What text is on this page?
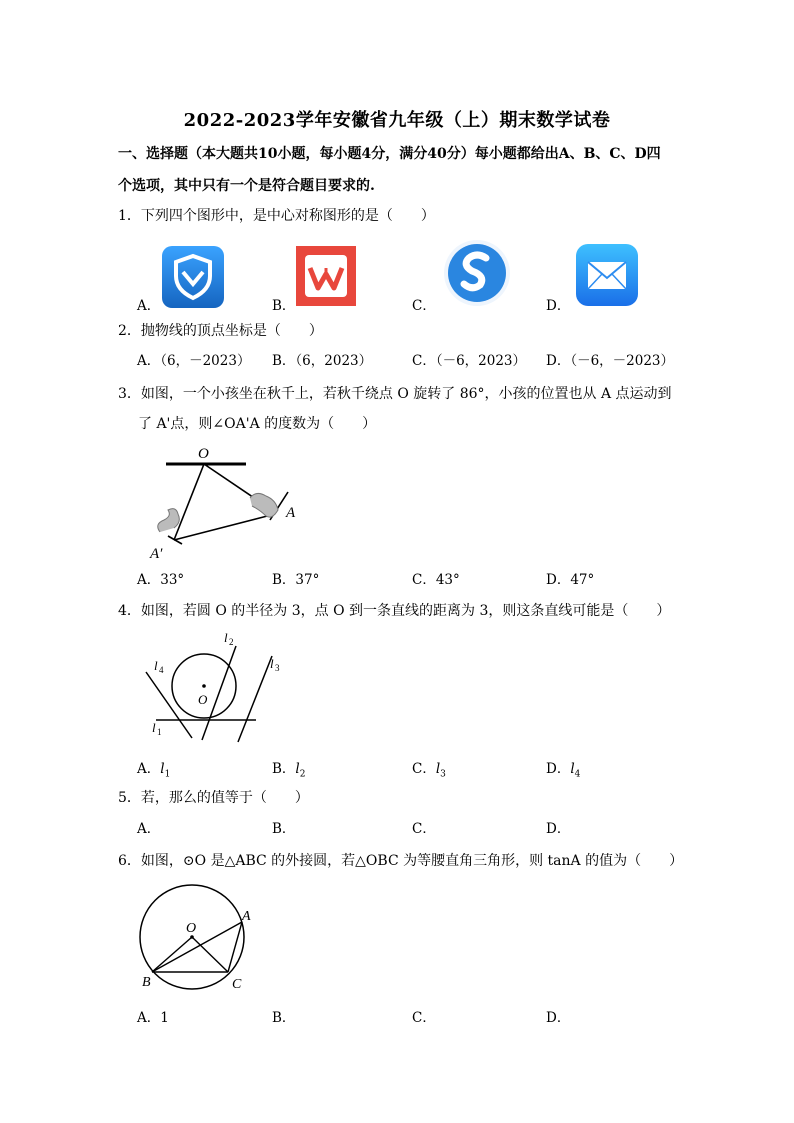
2022-2023学年安徽省九年级（上）期末数学试卷
一、选择题（本大题共10小题，每小题4分，满分40分）每小题都给出A、B、C、D四
个选项，其中只有一个是符合题目要求的.
1．下列四个图形中，是中心对称图形的是（　　）
A．	B．	C．	D．
2．抛物线的顶点坐标是（　　）
A．（6，－2023） B．（6，2023）	C．（－6，2023） D．（－6，－2023）
3．如图，一个小孩坐在秋千上，若秋千绕点 O 旋转了 86°，小孩的位置也从 A 点运动到
了 A'点，则∠OA'A 的度数为（　　）
O
A
A′
A．33°	B．37°	C．43°	D．47°
4．如图，若圆 O 的半径为 3，点 O 到一条直线的距离为 3，则这条直线可能是（　　）
O
l 1
l 2
l 3
l 4
A．$l_1$	B．$l_2$	C．$l_3$	D．$l_4$
5．若，那么的值等于（　　）
A．	B．	C．	D．
6．如图，⊙O 是△ABC 的外接圆，若△OBC 为等腰直角三角形，则 tanA 的值为（　　）
O
A
B	C
A．1	B．	C．	D．
